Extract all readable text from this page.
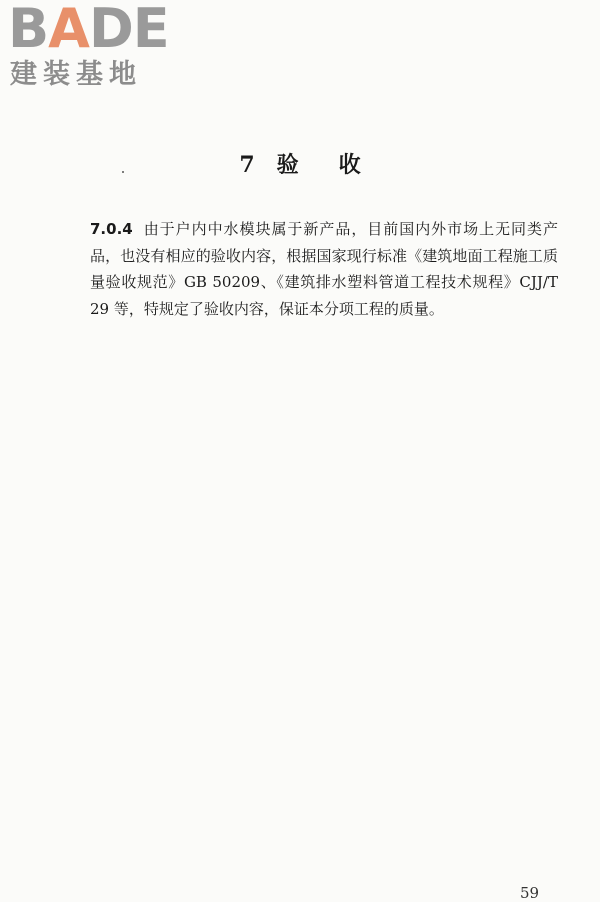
BADE
建装基地
7 验 收
7.0.4 由于户内中水模块属于新产品，目前国内外市场上无同类产品，也没有相应的验收内容，根据国家现行标准《建筑地面工程施工质量验收规范》GB 50209、《建筑排水塑料管道工程技术规程》CJJ/T 29 等，特规定了验收内容，保证本分项工程的质量。
59
